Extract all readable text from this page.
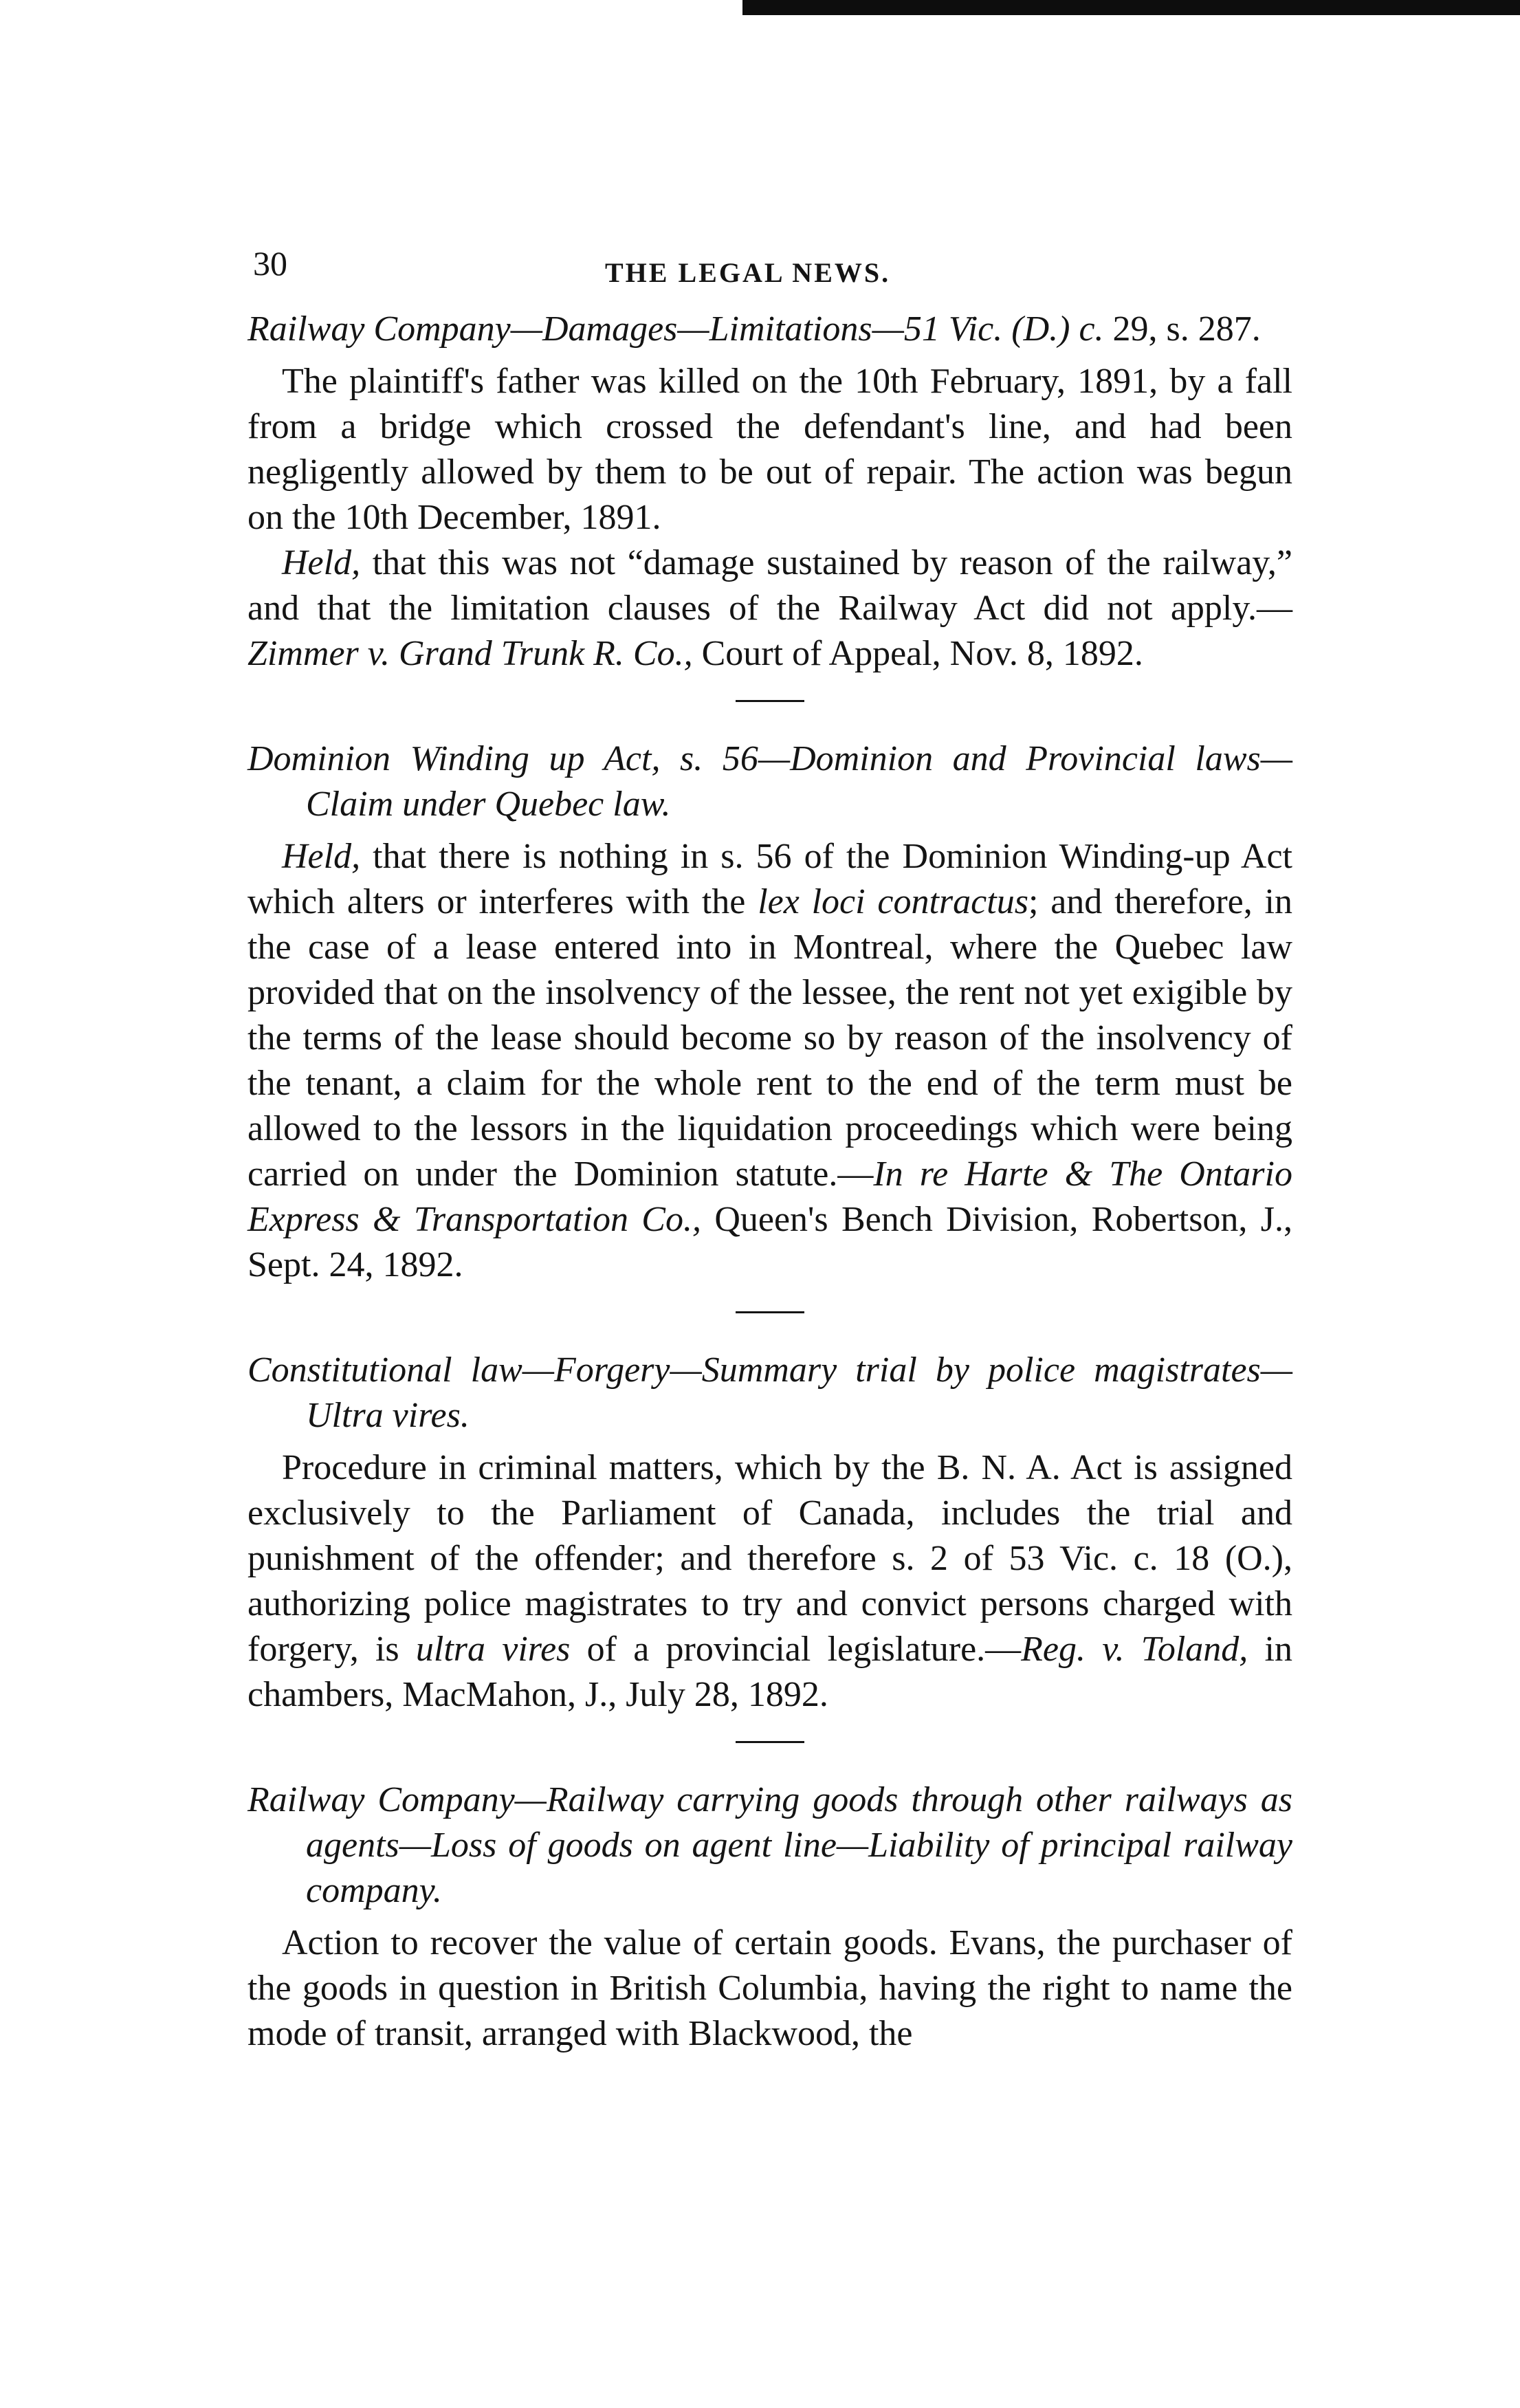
30	THE LEGAL NEWS.

Railway Company—Damages—Limitations—51 Vic. (D.) c. 29, s. 287.

The plaintiff's father was killed on the 10th February, 1891, by a fall from a bridge which crossed the defendant's line, and had been negligently allowed by them to be out of repair. The action was begun on the 10th December, 1891.

Held, that this was not “damage sustained by reason of the railway,” and that the limitation clauses of the Railway Act did not apply.—Zimmer v. Grand Trunk R. Co., Court of Appeal, Nov. 8, 1892.

Dominion Winding up Act, s. 56—Dominion and Provincial laws—Claim under Quebec law.

Held, that there is nothing in s. 56 of the Dominion Winding-up Act which alters or interferes with the lex loci contractus; and therefore, in the case of a lease entered into in Montreal, where the Quebec law provided that on the insolvency of the lessee, the rent not yet exigible by the terms of the lease should become so by reason of the insolvency of the tenant, a claim for the whole rent to the end of the term must be allowed to the lessors in the liquidation proceedings which were being carried on under the Dominion statute.—In re Harte & The Ontario Express & Transportation Co., Queen's Bench Division, Robertson, J., Sept. 24, 1892.

Constitutional law—Forgery—Summary trial by police magistrates—Ultra vires.

Procedure in criminal matters, which by the B. N. A. Act is assigned exclusively to the Parliament of Canada, includes the trial and punishment of the offender; and therefore s. 2 of 53 Vic. c. 18 (O.), authorizing police magistrates to try and convict persons charged with forgery, is ultra vires of a provincial legislature.—Reg. v. Toland, in chambers, MacMahon, J., July 28, 1892.

Railway Company—Railway carrying goods through other railways as agents—Loss of goods on agent line—Liability of principal railway company.

Action to recover the value of certain goods. Evans, the purchaser of the goods in question in British Columbia, having the right to name the mode of transit, arranged with Blackwood, the
